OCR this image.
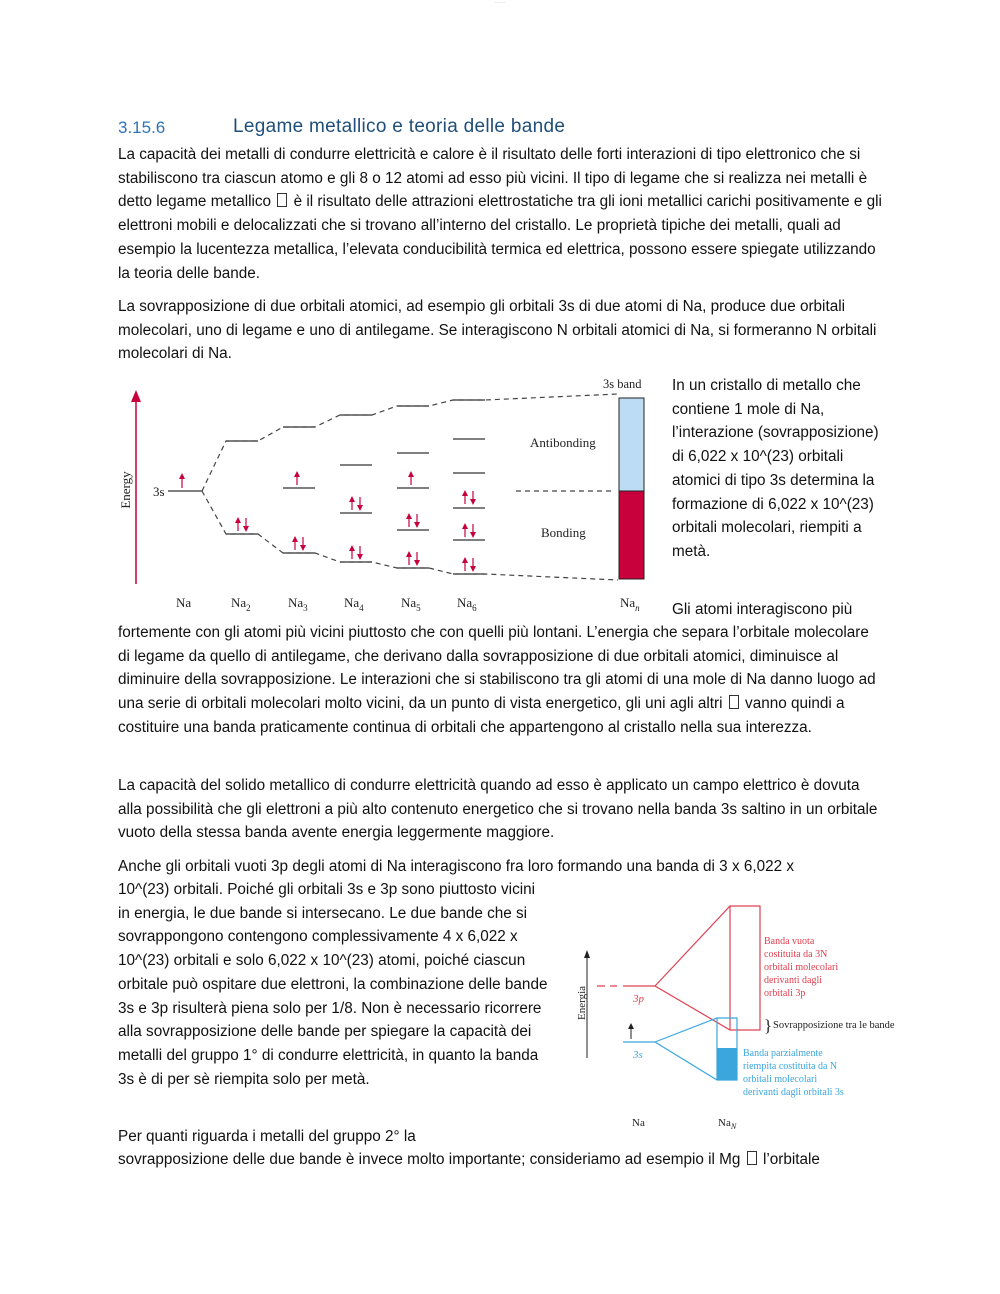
— — —
3.15.6	Legame metallico e teoria delle bande

La capacità dei metalli di condurre elettricità e calore è il risultato delle forti interazioni di tipo elettronico che si stabiliscono tra ciascun atomo e gli 8 o 12 atomi ad esso più vicini. Il tipo di legame che si realizza nei metalli è detto legame metallico è il risultato delle attrazioni elettrostatiche tra gli ioni metallici carichi positivamente e gli elettroni mobili e delocalizzati che si trovano all’interno del cristallo. Le proprietà tipiche dei metalli, quali ad esempio la lucentezza metallica, l’elevata conducibilità termica ed elettrica, possono essere spiegate utilizzando la teoria delle bande.

La sovrapposizione di due orbitali atomici, ad esempio gli orbitali 3s di due atomi di Na, produce due orbitali molecolari, uno di legame e uno di antilegame. Se interagiscono N orbitali atomici di Na, si formeranno N orbitali molecolari di Na.

Energy 3s
3s band
Antibonding
Bonding
Na	$Na_2$	$Na_3$	$Na_4$	$Na_5$	$Na_6$	$Na_n$

In un cristallo di metallo che contiene 1 mole di Na, l’interazione (sovrapposizione) di 6,022 x 10^(23) orbitali atomici di tipo 3s determina la formazione di 6,022 x 10^(23) orbitali molecolari, riempiti a metà.

Gli atomi interagiscono più

fortemente con gli atomi più vicini piuttosto che con quelli più lontani. L’energia che separa l’orbitale molecolare di legame da quello di antilegame, che derivano dalla sovrapposizione di due orbitali atomici, diminuisce al diminuire della sovrapposizione. Le interazioni che si stabiliscono tra gli atomi di una mole di Na danno luogo ad una serie di orbitali molecolari molto vicini, da un punto di vista energetico, gli uni agli altri vanno quindi a costituire una banda praticamente continua di orbitali che appartengono al cristallo nella sua interezza.

La capacità del solido metallico di condurre elettricità quando ad esso è applicato un campo elettrico è dovuta alla possibilità che gli elettroni a più alto contenuto energetico che si trovano nella banda 3s saltino in un orbitale vuoto della stessa banda avente energia leggermente maggiore.

Anche gli orbitali vuoti 3p degli atomi di Na interagiscono fra loro formando una banda di 3 x 6,022 x

10^(23) orbitali. Poiché gli orbitali 3s e 3p sono piuttosto vicini in energia, le due bande si intersecano. Le due bande che si sovrappongono contengono complessivamente 4 x 6,022 x 10^(23) orbitali e solo 6,022 x 10^(23) atomi, poiché ciascun orbitale può ospitare due elettroni, la combinazione delle bande 3s e 3p risulterà piena solo per 1/8. Non è necessario ricorrere alla sovrapposizione delle bande per spiegare la capacità dei metalli del gruppo 1° di condurre elettricità, in quanto la banda 3s è di per sè riempita solo per metà.

Energia	3p
3s
} Sovrapposizione tra le bande
Banda vuota
costituita da 3N
orbitali molecolari
derivanti dagli
orbitali 3p
Banda parzialmente
riempita costituita da N
orbitali molecolari
derivanti dagli orbitali 3s
Na	$Na_N$

Per quanti riguarda i metalli del gruppo 2° la

sovrapposizione delle due bande è invece molto importante; consideriamo ad esempio il Mg l’orbitale
